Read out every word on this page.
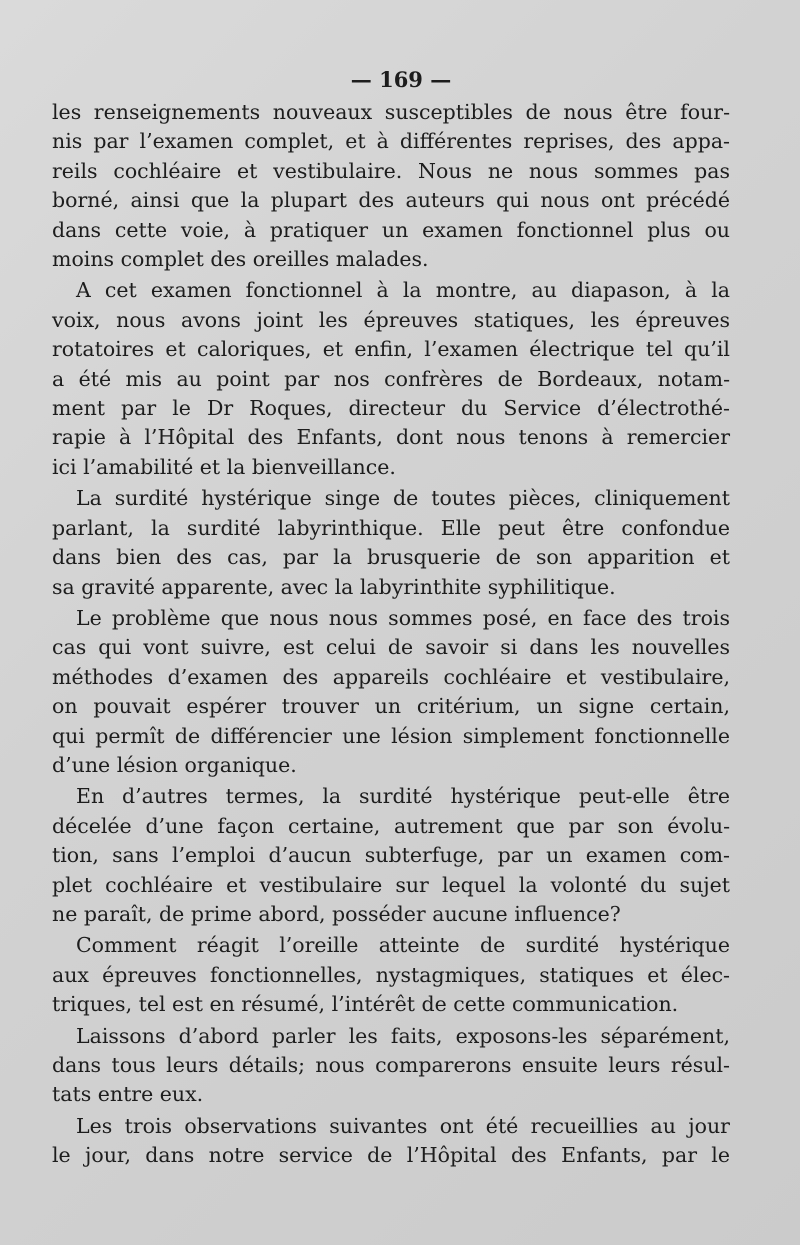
— 169 —

les renseignements nouveaux susceptibles de nous être four-
nis par l’examen complet, et à différentes reprises, des appa-
reils cochléaire et vestibulaire. Nous ne nous sommes pas
borné, ainsi que la plupart des auteurs qui nous ont précédé
dans cette voie, à pratiquer un examen fonctionnel plus ou
moins complet des oreilles malades.

A cet examen fonctionnel à la montre, au diapason, à la
voix, nous avons joint les épreuves statiques, les épreuves
rotatoires et caloriques, et enfin, l’examen électrique tel qu’il
a été mis au point par nos confrères de Bordeaux, notam-
ment par le Dr Roques, directeur du Service d’électrothé-
rapie à l’Hôpital des Enfants, dont nous tenons à remercier
ici l’amabilité et la bienveillance.

La surdité hystérique singe de toutes pièces, cliniquement
parlant, la surdité labyrinthique. Elle peut être confondue
dans bien des cas, par la brusquerie de son apparition et
sa gravité apparente, avec la labyrinthite syphilitique.

Le problème que nous nous sommes posé, en face des trois
cas qui vont suivre, est celui de savoir si dans les nouvelles
méthodes d’examen des appareils cochléaire et vestibulaire,
on pouvait espérer trouver un critérium, un signe certain,
qui permît de différencier une lésion simplement fonctionnelle
d’une lésion organique.

En d’autres termes, la surdité hystérique peut-elle être
décelée d’une façon certaine, autrement que par son évolu-
tion, sans l’emploi d’aucun subterfuge, par un examen com-
plet cochléaire et vestibulaire sur lequel la volonté du sujet
ne paraît, de prime abord, posséder aucune influence?

Comment réagit l’oreille atteinte de surdité hystérique
aux épreuves fonctionnelles, nystagmiques, statiques et élec-
triques, tel est en résumé, l’intérêt de cette communication.

Laissons d’abord parler les faits, exposons-les séparément,
dans tous leurs détails; nous comparerons ensuite leurs résul-
tats entre eux.

Les trois observations suivantes ont été recueillies au jour
le jour, dans notre service de l’Hôpital des Enfants, par le
